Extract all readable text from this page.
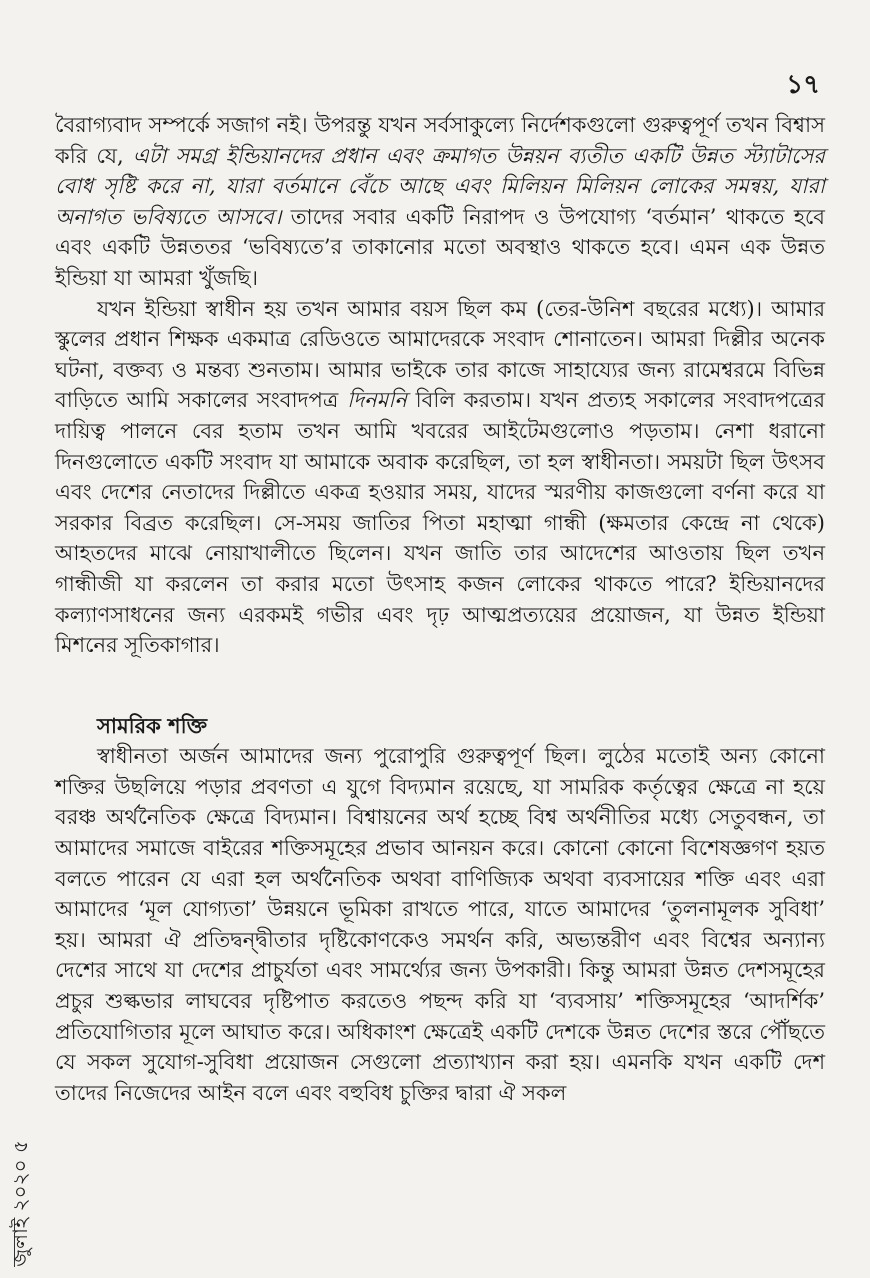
১৭

বৈরাগ্যবাদ সম্পর্কে সজাগ নই। উপরন্তু যখন সর্বসাকুল্যে নির্দেশকগুলো গুরুত্বপূর্ণ তখন বিশ্বাস করি যে, এটা সমগ্র ইন্ডিয়ানদের প্রধান এবং ক্রমাগত উন্নয়ন ব্যতীত একটি উন্নত স্ট্যাটাসের বোধ সৃষ্টি করে না, যারা বর্তমানে বেঁচে আছে এবং মিলিয়ন মিলিয়ন লোকের সমন্বয়, যারা অনাগত ভবিষ্যতে আসবে। তাদের সবার একটি নিরাপদ ও উপযোগ্য ‘বর্তমান’ থাকতে হবে এবং একটি উন্নততর ‘ভবিষ্যতে’র তাকানোর মতো অবস্থাও থাকতে হবে। এমন এক উন্নত ইন্ডিয়া যা আমরা খুঁজছি।

যখন ইন্ডিয়া স্বাধীন হয় তখন আমার বয়স ছিল কম (তের-উনিশ বছরের মধ্যে)। আমার স্কুলের প্রধান শিক্ষক একমাত্র রেডিওতে আমাদেরকে সংবাদ শোনাতেন। আমরা দিল্লীর অনেক ঘটনা, বক্তব্য ও মন্তব্য শুনতাম। আমার ভাইকে তার কাজে সাহায্যের জন্য রামেশ্বরমে বিভিন্ন বাড়িতে আমি সকালের সংবাদপত্র দিনমনি বিলি করতাম। যখন প্রত্যহ সকালের সংবাদপত্রের দায়িত্ব পালনে বের হতাম তখন আমি খবরের আইটেমগুলোও পড়তাম। নেশা ধরানো দিনগুলোতে একটি সংবাদ যা আমাকে অবাক করেছিল, তা হল স্বাধীনতা। সময়টা ছিল উৎসব এবং দেশের নেতাদের দিল্লীতে একত্র হওয়ার সময়, যাদের স্মরণীয় কাজগুলো বর্ণনা করে যা সরকার বিব্রত করেছিল। সে-সময় জাতির পিতা মহাত্মা গান্ধী (ক্ষমতার কেন্দ্রে না থেকে) আহতদের মাঝে নোয়াখালীতে ছিলেন। যখন জাতি তার আদেশের আওতায় ছিল তখন গান্ধীজী যা করলেন তা করার মতো উৎসাহ কজন লোকের থাকতে পারে? ইন্ডিয়ানদের কল্যাণসাধনের জন্য এরকমই গভীর এবং দৃঢ় আত্মপ্রত্যয়ের প্রয়োজন, যা উন্নত ইন্ডিয়া মিশনের সূতিকাগার।

সামরিক শক্তি

স্বাধীনতা অর্জন আমাদের জন্য পুরোপুরি গুরুত্বপূর্ণ ছিল। লুঠের মতোই অন্য কোনো শক্তির উছলিয়ে পড়ার প্রবণতা এ যুগে বিদ্যমান রয়েছে, যা সামরিক কর্তৃত্বের ক্ষেত্রে না হয়ে বরঞ্চ অর্থনৈতিক ক্ষেত্রে বিদ্যমান। বিশ্বায়নের অর্থ হচ্ছে বিশ্ব অর্থনীতির মধ্যে সেতুবন্ধন, তা আমাদের সমাজে বাইরের শক্তিসমূহের প্রভাব আনয়ন করে। কোনো কোনো বিশেষজ্ঞগণ হয়ত বলতে পারেন যে এরা হল অর্থনৈতিক অথবা বাণিজ্যিক অথবা ব্যবসায়ের শক্তি এবং এরা আমাদের ‘মূল যোগ্যতা’ উন্নয়নে ভূমিকা রাখতে পারে, যাতে আমাদের ‘তুলনামূলক সুবিধা’ হয়। আমরা ঐ প্রতিদ্বন্দ্বীতার দৃষ্টিকোণকেও সমর্থন করি, অভ্যন্তরীণ এবং বিশ্বের অন্যান্য দেশের সাথে যা দেশের প্রাচুর্যতা এবং সামর্থ্যের জন্য উপকারী। কিন্তু আমরা উন্নত দেশসমূহের প্রচুর শুল্কভার লাঘবের দৃষ্টিপাত করতেও পছন্দ করি যা ‘ব্যবসায়’ শক্তিসমূহের ‘আদর্শিক’ প্রতিযোগিতার মূলে আঘাত করে। অধিকাংশ ক্ষেত্রেই একটি দেশকে উন্নত দেশের স্তরে পৌঁছতে যে সকল সুযোগ-সুবিধা প্রয়োজন সেগুলো প্রত্যাখ্যান করা হয়। এমনকি যখন একটি দেশ তাদের নিজেদের আইন বলে এবং বহুবিধ চুক্তির দ্বারা ঐ সকল

জুলাই ২০২০ ৫
